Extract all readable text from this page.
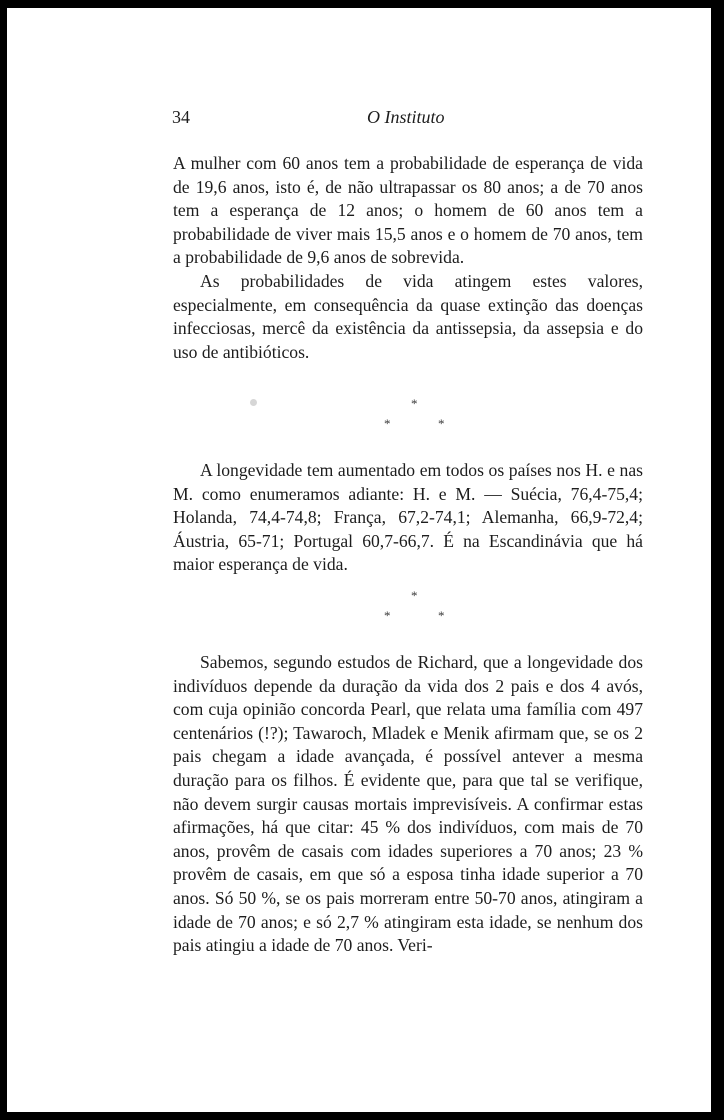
34	O Instituto

A mulher com 60 anos tem a probabilidade de esperança de vida de 19,6 anos, isto é, de não ultrapassar os 80 anos; a de 70 anos tem a esperança de 12 anos; o homem de 60 anos tem a probabilidade de viver mais 15,5 anos e o homem de 70 anos, tem a probabilidade de 9,6 anos de sobrevida.

As probabilidades de vida atingem estes valores, especialmente, em consequência da quase extinção das doenças infecciosas, mercê da existência da antissepsia, da assepsia e do uso de antibióticos.

*
*	*

A longevidade tem aumentado em todos os países nos H. e nas M. como enumeramos adiante: H. e M. — Suécia, 76,4-75,4; Holanda, 74,4-74,8; França, 67,2-74,1; Alemanha, 66,9-72,4; Áustria, 65-71; Portugal 60,7-66,7. É na Escandinávia que há maior esperança de vida.

*
*	*

Sabemos, segundo estudos de Richard, que a longevidade dos indivíduos depende da duração da vida dos 2 pais e dos 4 avós, com cuja opinião concorda Pearl, que relata uma família com 497 centenários (!?); Tawaroch, Mladek e Menik afirmam que, se os 2 pais chegam a idade avançada, é possível antever a mesma duração para os filhos. É evidente que, para que tal se verifique, não devem surgir causas mortais imprevisíveis. A confirmar estas afirmações, há que citar: 45 % dos indivíduos, com mais de 70 anos, provêm de casais com idades superiores a 70 anos; 23 % provêm de casais, em que só a esposa tinha idade superior a 70 anos. Só 50 %, se os pais morreram entre 50-70 anos, atingiram a idade de 70 anos; e só 2,7 % atingiram esta idade, se nenhum dos pais atingiu a idade de 70 anos. Veri-
